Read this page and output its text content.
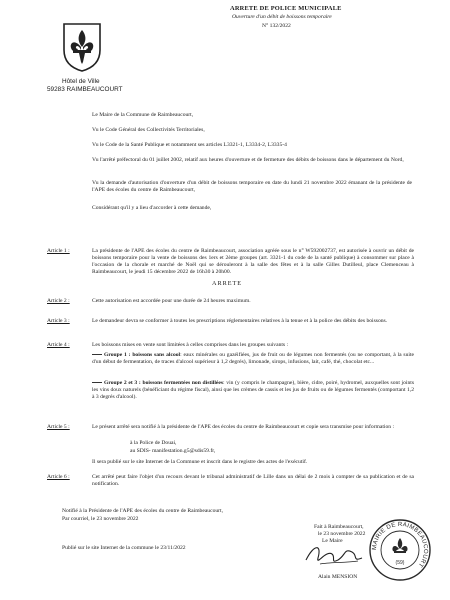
ARRETE DE POLICE MUNICIPALE
Ouverture d'un débit de boissons temporaire
N° 132/2022
Hôtel de Ville
59283 RAIMBEAUCOURT
Le Maire de la Commune de Raimbeaucourt,
Vu le Code Général des Collectivités Territoriales,
Vu le Code de la Santé Publique et notamment ses articles L3321-1, L3334-2, L3335-4
Vu l'arrêté préfectoral du 01 juillet 2002, relatif aux heures d'ouverture et de fermeture des débits de boissons dans le département du Nord,
Vu la demande d'autorisation d'ouverture d'un débit de boissons temporaire en date du lundi 21 novembre 2022 émanant de la présidente de l'APE des écoles du centre de Raimbeaucourt,
Considérant qu'il y a lieu d'accorder à cette demande,
ARRETE
Article 1 :	La présidente de l'APE des écoles du centre de Raimbeaucourt, association agréée sous le n° W592002737, est autorisée à ouvrir un débit de boissons temporaire pour la vente de boissons des 1ers et 2ème groupes (art. 3321-1 du code de la santé publique) à consommer sur place à l'occasion de la chorale et marché de Noël qui se dérouleront à la salle des fêtes et à la salle Gilles Dutilleul, place Clemenceau à Raimbeaucourt, le jeudi 15 décembre 2022 de 16h30 à 20h00.
Article 2 :	Cette autorisation est accordée pour une durée de 24 heures maximum.
Article 3 :	Le demandeur devra se conformer à toutes les prescriptions réglementaires relatives à la tenue et à la police des débits des boissons.
Article 4 :	Les boissons mises en vente sont limitées à celles comprises dans les groupes suivants :
Groupe 1 : boissons sans alcool: eaux minérales ou gazéifiées, jus de fruit ou de légumes non fermentés (ou ne comportant, à la suite d'un début de fermentation, de traces d'alcool supérieur à 1,2 degrés), limonade, sirops, infusions, lait, café, thé, chocolat etc...
Groupe 2 et 3 : boissons fermentées non distillées: vin (y compris le champagne), bière, cidre, poiré, hydromel, auxquelles sont joints les vins doux naturels (bénéficiant du régime fiscal), ainsi que les crèmes de cassis et les jus de fruits ou de légumes fermentés (comportant 1,2 à 3 degrés d'alcool).
Article 5 :	Le présent arrêté sera notifié à la présidente de l'APE des écoles du centre de Raimbeaucourt et copie sera transmise pour information :
à la Police de Douai,
au SDIS- manifestation.g5@sdis59.fr,
Il sera publié sur le site Internet de la Commune et inscrit dans le registre des actes de l'exécutif.
Article 6 :	Cet arrêté peut faire l'objet d'un recours devant le tribunal administratif de Lille dans un délai de 2 mois à compter de sa publication et de sa notification.
Notifié à la Présidente de l'APE des écoles du centre de Raimbeaucourt,
Par courriel, le 23 novembre 2022
Publié sur le site Internet de la commune le 23/11/2022
Fait à Raimbeaucourt,
le 23 novembre 2022
Le Maire
Alain MENSION
MAIRIE DE RAIMBEAUCOURT
(59)
